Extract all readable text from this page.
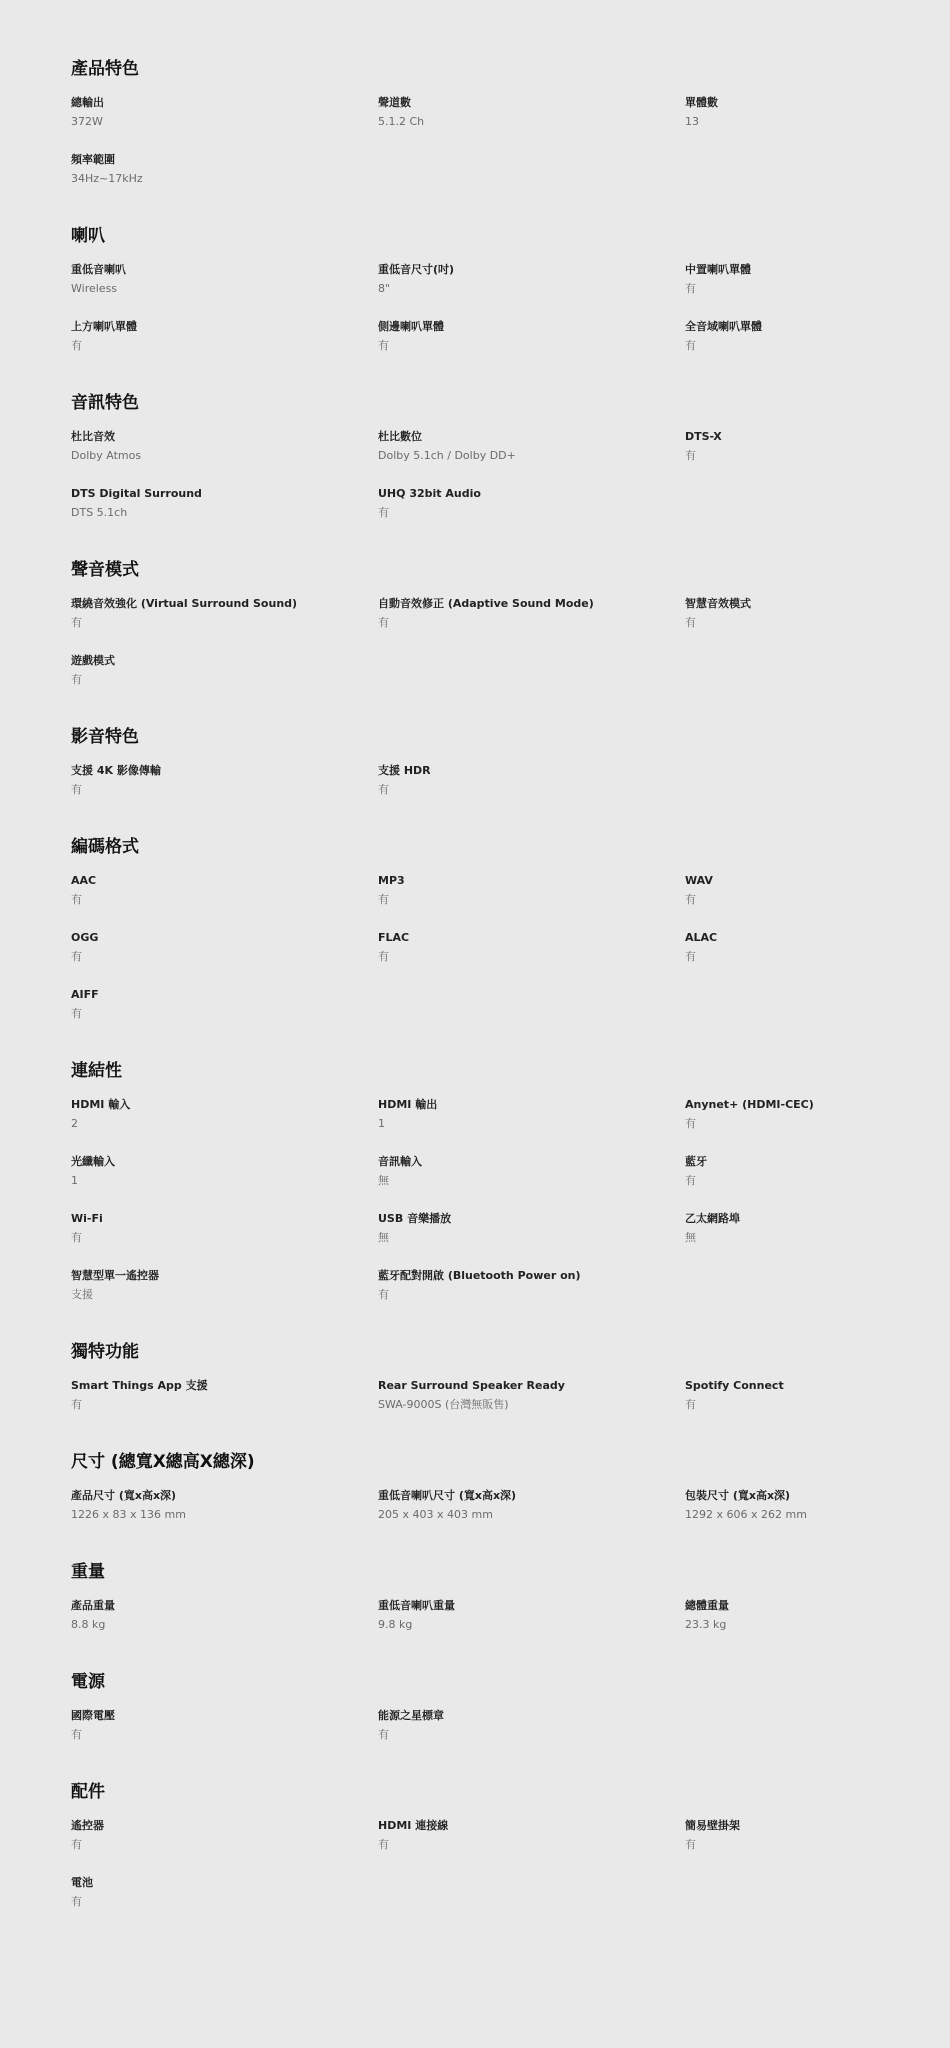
產品特色
總輸出
372W
聲道數
5.1.2 Ch
單體數
13
頻率範圍
34Hz~17kHz
喇叭
重低音喇叭
Wireless
重低音尺寸(吋)
8"
中置喇叭單體
有
上方喇叭單體
有
側邊喇叭單體
有
全音域喇叭單體
有
音訊特色
杜比音效
Dolby Atmos
杜比數位
Dolby 5.1ch / Dolby DD+
DTS-X
有
DTS Digital Surround
DTS 5.1ch
UHQ 32bit Audio
有
聲音模式
環繞音效強化 (Virtual Surround Sound)
有
自動音效修正 (Adaptive Sound Mode)
有
智慧音效模式
有
遊戲模式
有
影音特色
支援 4K 影像傳輸
有
支援 HDR
有
編碼格式
AAC
有
MP3
有
WAV
有
OGG
有
FLAC
有
ALAC
有
AIFF
有
連結性
HDMI 輸入
2
HDMI 輸出
1
Anynet+ (HDMI-CEC)
有
光纖輸入
1
音訊輸入
無
藍牙
有
Wi-Fi
有
USB 音樂播放
無
乙太網路埠
無
智慧型單一遙控器
支援
藍牙配對開啟 (Bluetooth Power on)
有
獨特功能
Smart Things App 支援
有
Rear Surround Speaker Ready
SWA-9000S (台灣無販售)
Spotify Connect
有
尺寸 (總寬X總高X總深)
產品尺寸 (寬x高x深)
1226 x 83 x 136 mm
重低音喇叭尺寸 (寬x高x深)
205 x 403 x 403 mm
包裝尺寸 (寬x高x深)
1292 x 606 x 262 mm
重量
產品重量
8.8 kg
重低音喇叭重量
9.8 kg
總體重量
23.3 kg
電源
國際電壓
有
能源之星標章
有
配件
遙控器
有
HDMI 連接線
有
簡易壁掛架
有
電池
有
